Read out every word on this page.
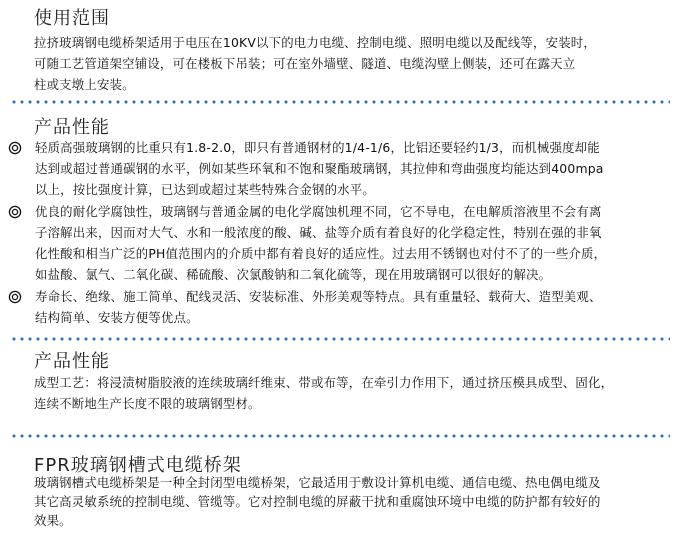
使用范围
拉挤玻璃钢电缆桥架适用于电压在10KV以下的电力电缆、控制电缆、照明电缆以及配线等，安装时，
可随工艺管道架空铺设，可在楼板下吊装；可在室外墙壁、隧道、电缆沟壁上侧装，还可在露天立
柱或支墩上安装。
产品性能
轻质高强玻璃钢的比重只有1.8-2.0，即只有普通钢材的1/4-1/6，比铝还要轻约1/3，而机械强度却能
达到或超过普通碳钢的水平，例如某些环氧和不饱和聚酯玻璃钢，其拉伸和弯曲强度均能达到400mpa
以上，按比强度计算，已达到或超过某些特殊合金钢的水平。
优良的耐化学腐蚀性，玻璃钢与普通金属的电化学腐蚀机理不同，它不导电，在电解质溶液里不会有离
子溶解出来，因而对大气、水和一般浓度的酸、碱、盐等介质有着良好的化学稳定性，特别在强的非氧
化性酸和相当广泛的PH值范围内的介质中都有着良好的适应性。过去用不锈钢也对付不了的一些介质，
如盐酸、氯气、二氧化碳、稀硫酸、次氯酸钠和二氧化硫等，现在用玻璃钢可以很好的解决。
寿命长、绝缘、施工简单、配线灵活、安装标准、外形美观等特点。具有重量轻、载荷大、造型美观、
结构简单、安装方便等优点。
产品性能
成型工艺：将浸渍树脂胶液的连续玻璃纤维束、带或布等，在牵引力作用下，通过挤压模具成型、固化，
连续不断地生产长度不限的玻璃钢型材。
FPR玻璃钢槽式电缆桥架
玻璃钢槽式电缆桥架是一种全封闭型电缆桥架，它最适用于敷设计算机电缆、通信电缆、热电偶电缆及
其它高灵敏系统的控制电缆、管缆等。它对控制电缆的屏蔽干扰和重腐蚀环境中电缆的防护都有较好的
效果。
